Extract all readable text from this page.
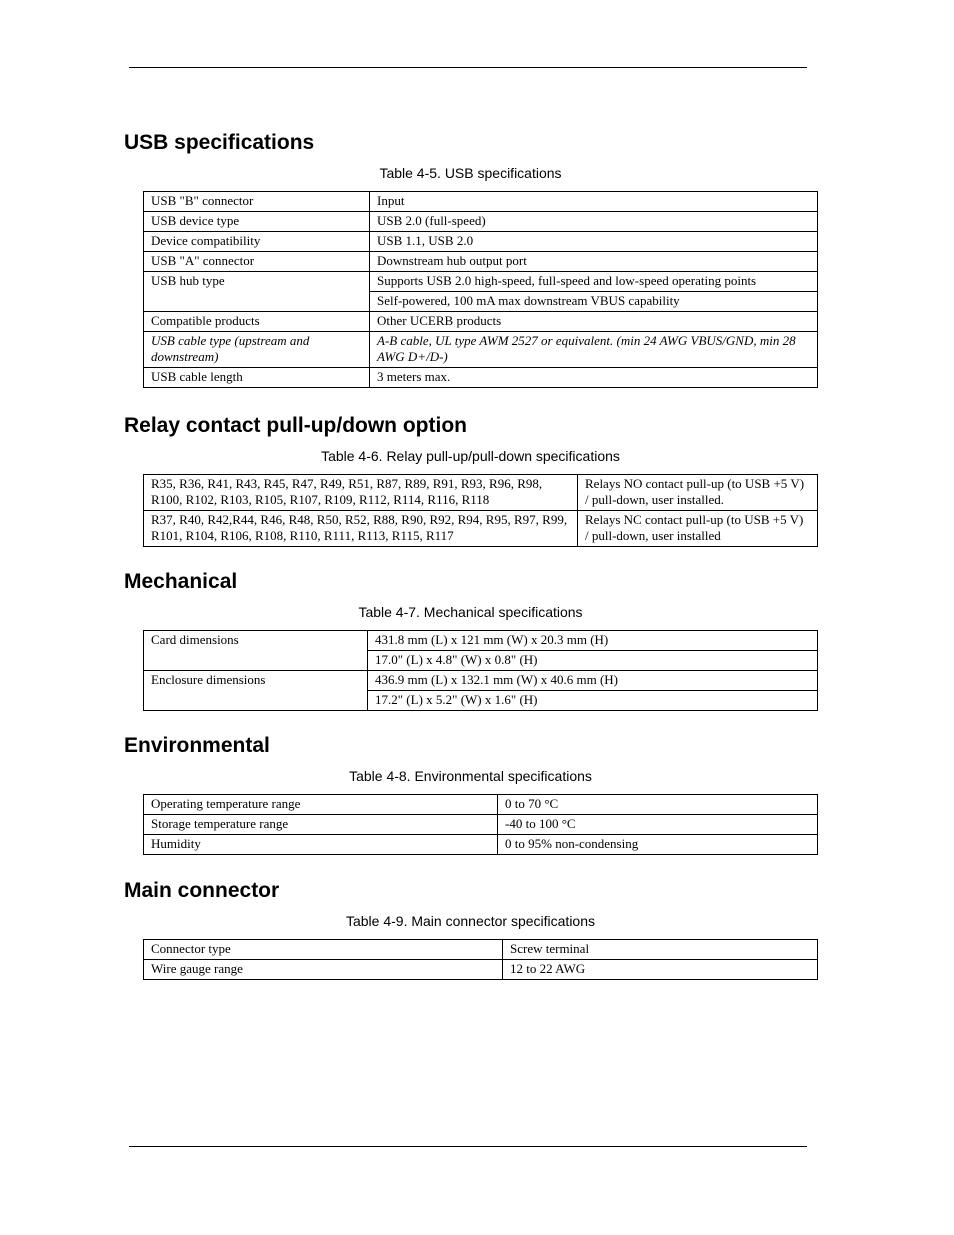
USB specifications
Table 4-5. USB specifications
USB "B" connector	Input
USB device type	USB 2.0 (full-speed)
Device compatibility	USB 1.1, USB 2.0
USB "A" connector	Downstream hub output port
USB hub type	Supports USB 2.0 high-speed, full-speed and low-speed operating points
	Self-powered, 100 mA max downstream VBUS capability
Compatible products	Other UCERB products
USB cable type (upstream and downstream)	A-B cable, UL type AWM 2527 or equivalent. (min 24 AWG VBUS/GND, min 28 AWG D+/D-)
USB cable length	3 meters max.
Relay contact pull-up/down option
Table 4-6. Relay pull-up/pull-down specifications
R35, R36, R41, R43, R45, R47, R49, R51, R87, R89, R91, R93, R96, R98, R100, R102, R103, R105, R107, R109, R112, R114, R116, R118	Relays NO contact pull-up (to USB +5 V) / pull-down, user installed.
R37, R40, R42,R44, R46, R48, R50, R52, R88, R90, R92, R94, R95, R97, R99, R101, R104, R106, R108, R110, R111, R113, R115, R117	Relays NC contact pull-up (to USB +5 V) / pull-down, user installed
Mechanical
Table 4-7. Mechanical specifications
Card dimensions	431.8 mm (L) x 121 mm (W) x 20.3 mm (H)
	17.0" (L) x 4.8" (W) x 0.8" (H)
Enclosure dimensions	436.9 mm (L) x 132.1 mm (W) x 40.6 mm (H)
	17.2" (L) x 5.2" (W) x 1.6" (H)
Environmental
Table 4-8. Environmental specifications
Operating temperature range	0 to 70 °C
Storage temperature range	-40 to 100 °C
Humidity	0 to 95% non-condensing
Main connector
Table 4-9. Main connector specifications
Connector type	Screw terminal
Wire gauge range	12 to 22 AWG
